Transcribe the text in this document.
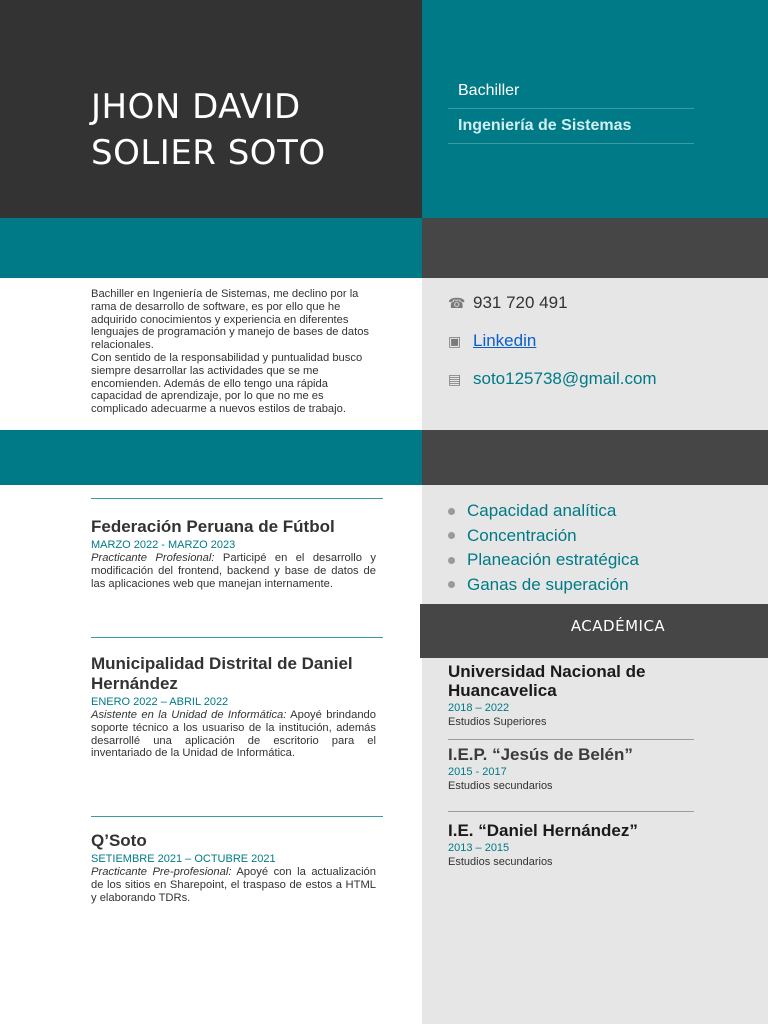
JHON DAVID
SOLIER SOTO
Bachiller
Ingeniería de Sistemas

Bachiller en Ingeniería de Sistemas, me declino por la rama de desarrollo de software, es por ello que he adquirido conocimientos y experiencia en diferentes lenguajes de programación y manejo de bases de datos relacionales.

Con sentido de la responsabilidad y puntualidad busco siempre desarrollar las actividades que se me encomienden. Además de ello tengo una rápida capacidad de aprendizaje, por lo que no me es complicado adecuarme a nuevos estilos de trabajo.

☎ 931 720 491
▣ Linkedin
▤ soto125738@gmail.com
Federación Peruana de Fútbol
MARZO 2022 - MARZO 2023
Practicante Profesional: Participé en el desarrollo y modificación del frontend, backend y base de datos de las aplicaciones web que manejan internamente.
Municipalidad Distrital de Daniel Hernández
ENERO 2022 – ABRIL 2022
Asistente en la Unidad de Informática: Apoyé brindando soporte técnico a los usuariso de la institución, además desarrollé una aplicación de escritorio para el inventariado de la Unidad de Informática.
Q’Soto
SETIEMBRE 2021 – OCTUBRE 2021
Practicante Pre-profesional: Apoyé con la actualización de los sitios en Sharepoint, el traspaso de estos a HTML y elaborando TDRs.
Capacidad analítica
Concentración
Planeación estratégica
Ganas de superación
ACADÉMICA
Universidad Nacional de Huancavelica
2018 – 2022
Estudios Superiores
I.E.P. “Jesús de Belén”
2015 - 2017
Estudios secundarios
I.E. “Daniel Hernández”
2013 – 2015
Estudios secundarios
